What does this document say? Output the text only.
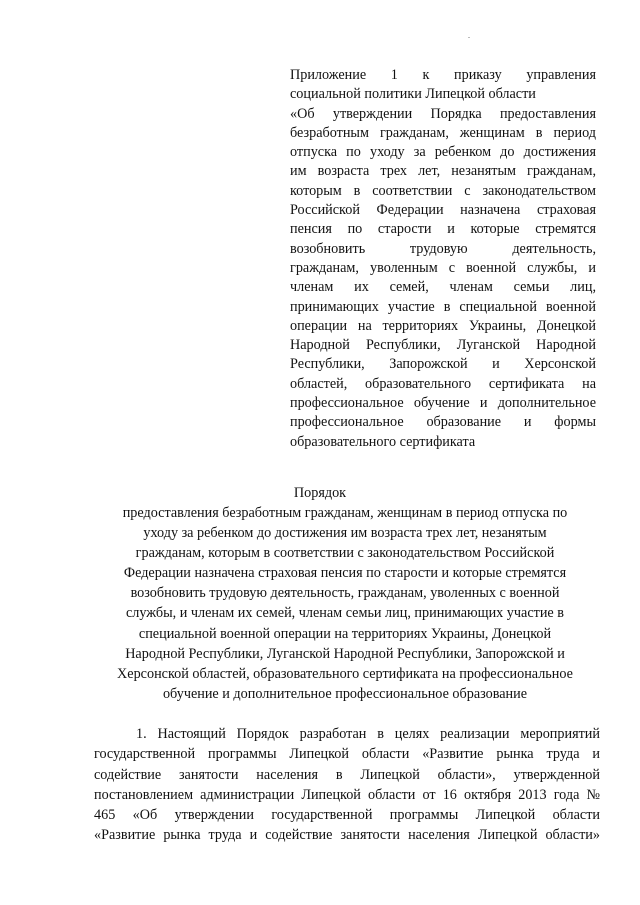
Приложение 1 к приказу управления
социальной политики Липецкой области
«Об утверждении Порядка предоставления
безработным гражданам, женщинам в период
отпуска по уходу за ребенком до достижения
им возраста трех лет, незанятым гражданам,
которым в соответствии с законодательством
Российской Федерации назначена страховая
пенсия по старости и которые стремятся
возобновить трудовую деятельность,
гражданам, уволенным с военной службы, и
членам их семей, членам семьи лиц,
принимающих участие в специальной военной
операции на территориях Украины, Донецкой
Народной Республики, Луганской Народной
Республики, Запорожской и Херсонской
областей, образовательного сертификата на
профессиональное обучение и дополнительное
профессиональное образование и формы
образовательного сертификата
Порядок
предоставления безработным гражданам, женщинам в период отпуска по
уходу за ребенком до достижения им возраста трех лет, незанятым
гражданам, которым в соответствии с законодательством Российской
Федерации назначена страховая пенсия по старости и которые стремятся
возобновить трудовую деятельность, гражданам, уволенных с военной
службы, и членам их семей, членам семьи лиц, принимающих участие в
специальной военной операции на территориях Украины, Донецкой
Народной Республики, Луганской Народной Республики, Запорожской и
Херсонской областей, образовательного сертификата на профессиональное
обучение и дополнительное профессиональное образование
1. Настоящий Порядок разработан в целях реализации мероприятий
государственной программы Липецкой области «Развитие рынка труда и
содействие занятости населения в Липецкой области», утвержденной
постановлением администрации Липецкой области от 16 октября 2013 года №
465 «Об утверждении государственной программы Липецкой области
«Развитие рынка труда и содействие занятости населения Липецкой области»
